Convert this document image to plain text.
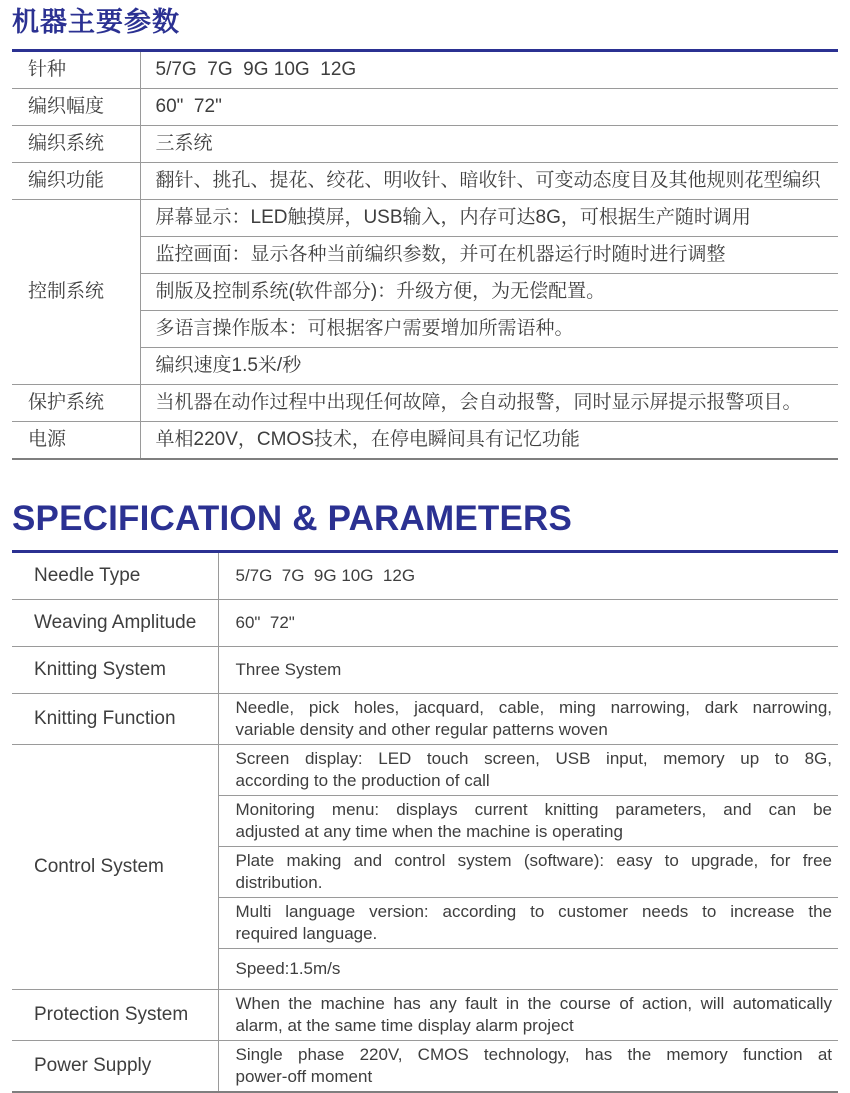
机器主要参数
针种	5/7G  7G  9G 10G  12G
编织幅度	60"  72"
编织系统	三系统
编织功能	翻针、挑孔、提花、绞花、明收针、暗收针、可变动态度目及其他规则花型编织
控制系统	屏幕显示：LED触摸屏，USB输入，内存可达8G，可根据生产随时调用
	监控画面：显示各种当前编织参数，并可在机器运行时随时进行调整
	制版及控制系统(软件部分)：升级方便，为无偿配置。
	多语言操作版本：可根据客户需要增加所需语种。
	编织速度1.5米/秒
保护系统	当机器在动作过程中出现任何故障，会自动报警，同时显示屏提示报警项目。
电源	单相220V，CMOS技术，在停电瞬间具有记忆功能
SPECIFICATION & PARAMETERS
Needle Type	5/7G  7G  9G 10G  12G
Weaving Amplitude	60"  72"
Knitting System	Three System
Knitting Function	Needle, pick holes, jacquard, cable, ming narrowing, dark narrowing,
variable density and other regular patterns woven

Control System	Screen display: LED touch screen, USB input, memory up to 8G,
according to the production of call

	Monitoring menu: displays current knitting parameters, and can be
adjusted at any time when the machine is operating

	Plate making and control system (software): easy to upgrade, for free
distribution.

	Multi language version: according to customer needs to increase the
required language.

	Speed:1.5m/s
Protection System	When the machine has any fault in the course of action, will automatically
alarm, at the same time display alarm project

Power Supply	Single phase 220V, CMOS technology, has the memory function at
power-off moment
